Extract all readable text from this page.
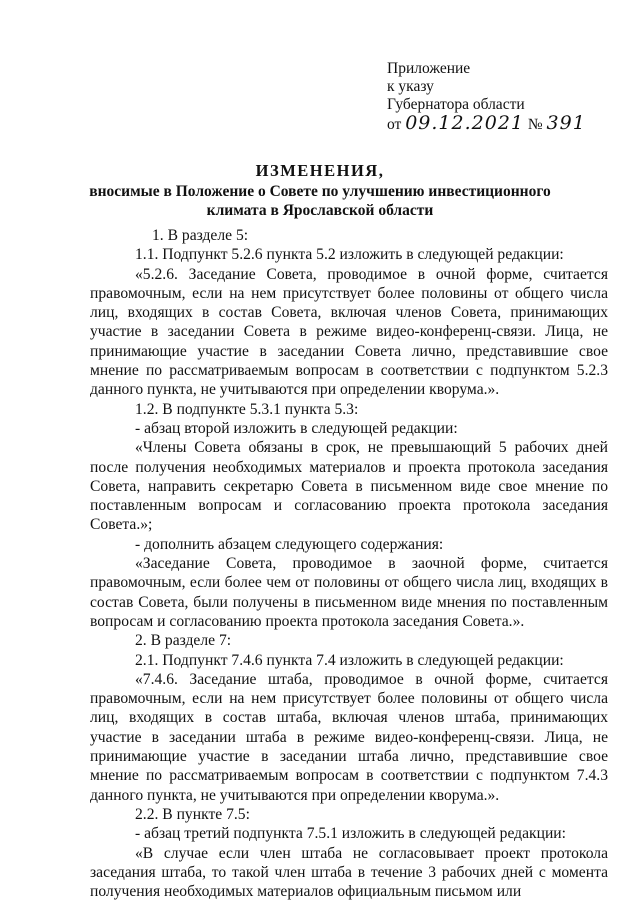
Приложение
к указу
Губернатора области
от 09.12.2021 № 391
ИЗМЕНЕНИЯ,
вносимые в Положение о Совете по улучшению инвестиционного
климата в Ярославской области

1. В разделе 5:

1.1. Подпункт 5.2.6 пункта 5.2 изложить в следующей редакции:

«5.2.6. Заседание Совета, проводимое в очной форме, считается правомочным, если на нем присутствует более половины от общего числа лиц, входящих в состав Совета, включая членов Совета, принимающих участие в заседании Совета в режиме видео-конференц-связи. Лица, не принимающие участие в заседании Совета лично, представившие свое мнение по рассматриваемым вопросам в соответствии с подпунктом 5.2.3 данного пункта, не учитываются при определении кворума.».

1.2. В подпункте 5.3.1 пункта 5.3:

- абзац второй изложить в следующей редакции:

«Члены Совета обязаны в срок, не превышающий 5 рабочих дней после получения необходимых материалов и проекта протокола заседания Совета, направить секретарю Совета в письменном виде свое мнение по поставленным вопросам и согласованию проекта протокола заседания Совета.»;

- дополнить абзацем следующего содержания:

«Заседание Совета, проводимое в заочной форме, считается правомочным, если более чем от половины от общего числа лиц, входящих в состав Совета, были получены в письменном виде мнения по поставленным вопросам и согласованию проекта протокола заседания Совета.».

2. В разделе 7:

2.1. Подпункт 7.4.6 пункта 7.4 изложить в следующей редакции:

«7.4.6. Заседание штаба, проводимое в очной форме, считается правомочным, если на нем присутствует более половины от общего числа лиц, входящих в состав штаба, включая членов штаба, принимающих участие в заседании штаба в режиме видео-конференц-связи. Лица, не принимающие участие в заседании штаба лично, представившие свое мнение по рассматриваемым вопросам в соответствии с подпунктом 7.4.3 данного пункта, не учитываются при определении кворума.».

2.2. В пункте 7.5:

- абзац третий подпункта 7.5.1 изложить в следующей редакции:

«В случае если член штаба не согласовывает проект протокола заседания штаба, то такой член штаба в течение 3 рабочих дней с момента получения необходимых материалов официальным письмом или
